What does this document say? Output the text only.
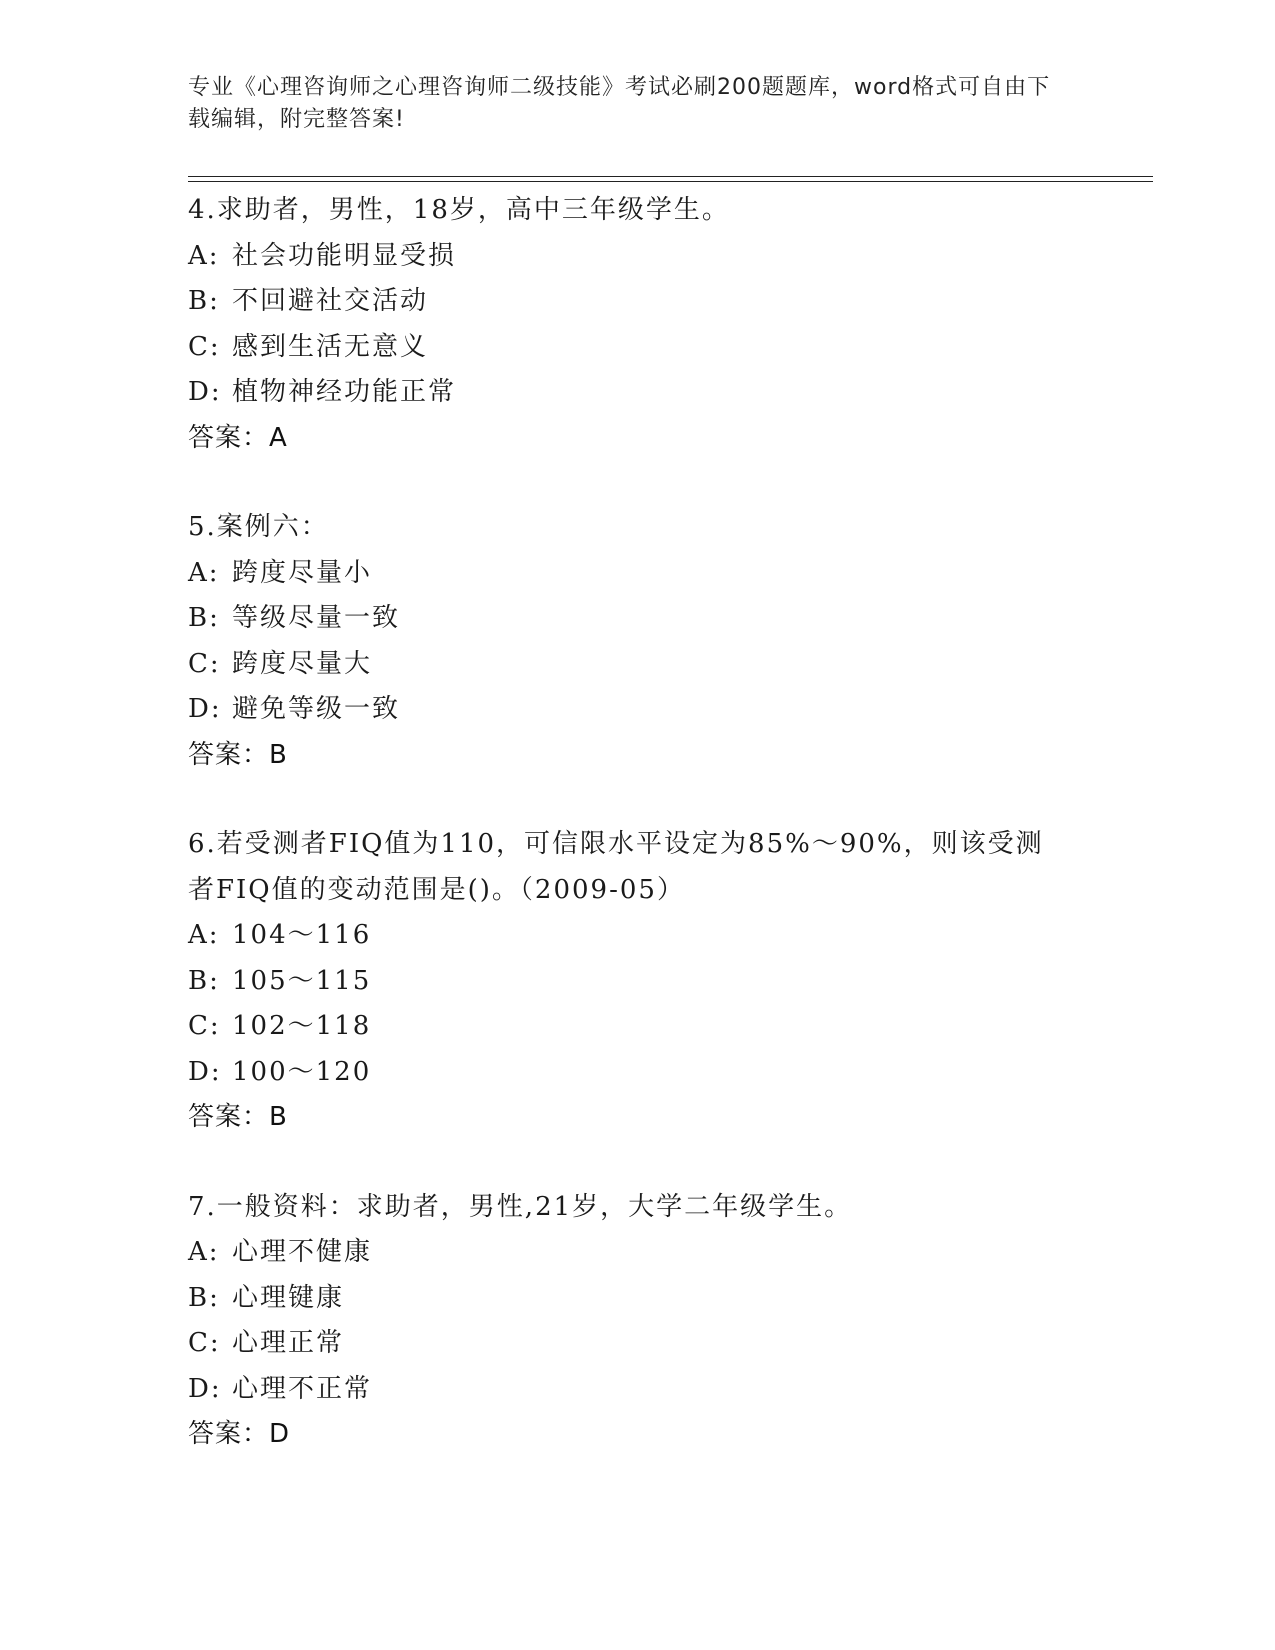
专业《心理咨询师之心理咨询师二级技能》考试必刷200题题库，word格式可自由下载编辑，附完整答案!
4.求助者，男性，18岁，高中三年级学生。
A: 社会功能明显受损
B: 不回避社交活动
C: 感到生活无意义
D: 植物神经功能正常
答案：A
5.案例六：
A: 跨度尽量小
B: 等级尽量一致
C: 跨度尽量大
D: 避免等级一致
答案：B
6.若受测者FIQ值为110，可信限水平设定为85%～90%，则该受测者FIQ值的变动范围是()。（2009-05）
A: 104～116
B: 105～115
C: 102～118
D: 100～120
答案：B
7.一般资料：求助者，男性,21岁，大学二年级学生。
A: 心理不健康
B: 心理键康
C: 心理正常
D: 心理不正常
答案：D
